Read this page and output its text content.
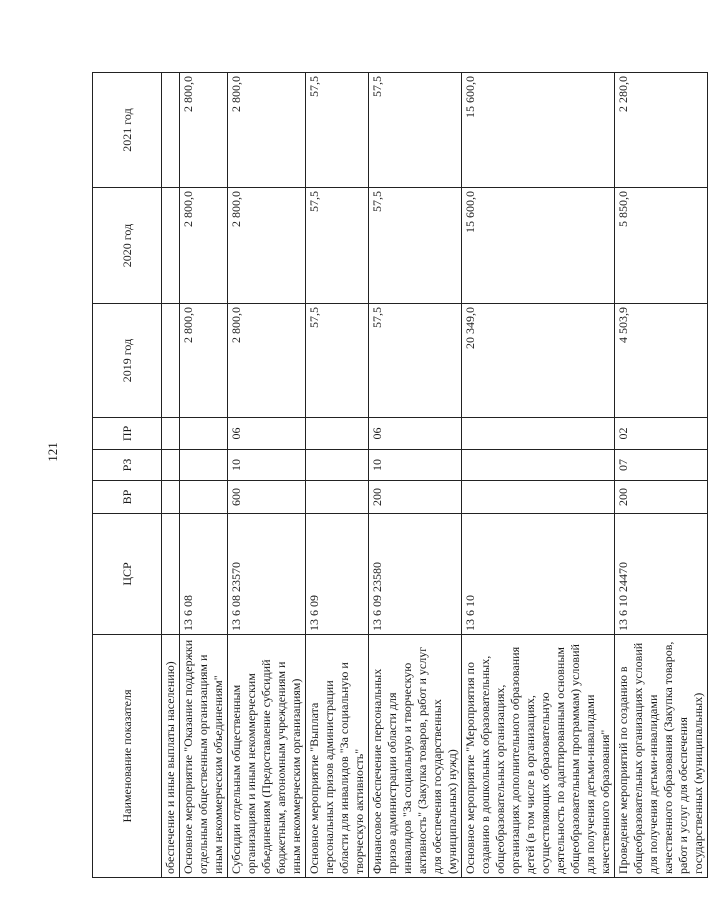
121
Наименование показателя	ЦСР	ВР	РЗ	ПР	2019 год	2020 год	2021 год
обеспечение и иные выплаты населению)							
Основное мероприятие "Оказание поддержки отдельным общественным организациям и иным некоммерческим объединениям"	13 6 08				2 800,0	2 800,0	2 800,0
Субсидии отдельным общественным организациям и иным некоммерческим объединениям (Предоставление субсидий бюджетным, автономным учреждениям и иным некоммерческим организациям)	13 6 08 23570	600	10	06	2 800,0	2 800,0	2 800,0
Основное мероприятие "Выплата персональных призов администрации области для инвалидов "За социальную и творческую активность"	13 6 09				57,5	57,5	57,5
Финансовое обеспечение персональных призов администрации области для инвалидов "За социальную и творческую активность" (Закупка товаров, работ и услуг для обеспечения государственных (муниципальных) нужд)	13 6 09 23580	200	10	06	57,5	57,5	57,5
Основное мероприятие "Мероприятия по созданию в дошкольных образовательных, общеобразовательных организациях, организациях дополнительного образования детей (в том числе в организациях, осуществляющих образовательную деятельность по адаптированным основным общеобразовательным программам) условий для получения детьми-инвалидами качественного образования"	13 6 10				20 349,0	15 600,0	15 600,0
Проведение мероприятий по созданию в общеобразовательных организациях условий для получения детьми-инвалидами качественного образования (Закупка товаров, работ и услуг для обеспечения государственных (муниципальных)	13 6 10 24470	200	07	02	4 503,9	5 850,0	2 280,0
